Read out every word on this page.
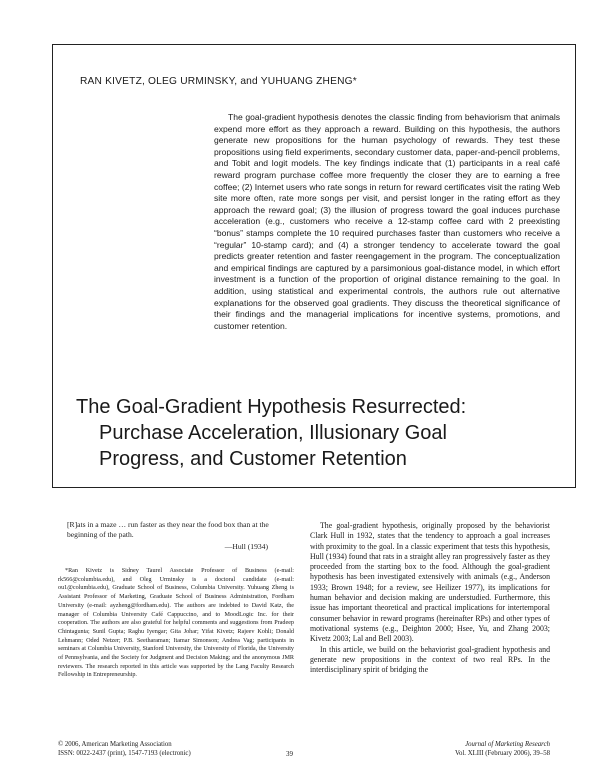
RAN KIVETZ, OLEG URMINSKY, and YUHUANG ZHENG*

The goal-gradient hypothesis denotes the classic finding from behaviorism that animals expend more effort as they approach a reward. Building on this hypothesis, the authors generate new propositions for the human psychology of rewards. They test these propositions using field experiments, secondary customer data, paper-and-pencil problems, and Tobit and logit models. The key findings indicate that (1) participants in a real café reward program purchase coffee more frequently the closer they are to earning a free coffee; (2) Internet users who rate songs in return for reward certificates visit the rating Web site more often, rate more songs per visit, and persist longer in the rating effort as they approach the reward goal; (3) the illusion of progress toward the goal induces purchase acceleration (e.g., customers who receive a 12-stamp coffee card with 2 preexisting “bonus” stamps complete the 10 required purchases faster than customers who receive a “regular” 10-stamp card); and (4) a stronger tendency to accelerate toward the goal predicts greater retention and faster reengagement in the program. The conceptualization and empirical findings are captured by a parsimonious goal-distance model, in which effort investment is a function of the proportion of original distance remaining to the goal. In addition, using statistical and experimental controls, the authors rule out alternative explanations for the observed goal gradients. They discuss the theoretical significance of their findings and the managerial implications for incentive systems, promotions, and customer retention.

The Goal-Gradient Hypothesis Resurrected:
Purchase Acceleration, Illusionary Goal
Progress, and Customer Retention

[R]ats in a maze … run faster as they near the food box than at the beginning of the path.

—Hull (1934)

*Ran Kivetz is Sidney Taurel Associate Professor of Business (e-mail: rk566@columbia.edu), and Oleg Urminsky is a doctoral candidate (e-mail: ou1@columbia.edu), Graduate School of Business, Columbia University. Yuhuang Zheng is Assistant Professor of Marketing, Graduate School of Business Administration, Fordham University (e-mail: ayzheng@fordham.edu). The authors are indebted to David Katz, the manager of Columbia University Café Cappuccino, and to MoodLogic Inc. for their cooperation. The authors are also grateful for helpful comments and suggestions from Pradeep Chintagunta; Sunil Gupta; Raghu Iyengar; Gita Johar; Yifat Kivetz; Rajeev Kohli; Donald Lehmann; Oded Netzer; P.B. Seetharaman; Itamar Simonson; Andrea Vag; participants in seminars at Columbia University, Stanford University, the University of Florida, the University of Pennsylvania, and the Society for Judgment and Decision Making; and the anonymous JMR reviewers. The research reported in this article was supported by the Lang Faculty Research Fellowship in Entrepreneurship.

The goal-gradient hypothesis, originally proposed by the behaviorist Clark Hull in 1932, states that the tendency to approach a goal increases with proximity to the goal. In a classic experiment that tests this hypothesis, Hull (1934) found that rats in a straight alley ran progressively faster as they proceeded from the starting box to the food. Although the goal-gradient hypothesis has been investigated extensively with animals (e.g., Anderson 1933; Brown 1948; for a review, see Heilizer 1977), its implications for human behavior and decision making are understudied. Furthermore, this issue has important theoretical and practical implications for intertemporal consumer behavior in reward programs (hereinafter RPs) and other types of motivational systems (e.g., Deighton 2000; Hsee, Yu, and Zhang 2003; Kivetz 2003; Lal and Bell 2003).

In this article, we build on the behaviorist goal-gradient hypothesis and generate new propositions in the context of two real RPs. In the interdisciplinary spirit of bridging the

© 2006, American Marketing Association
ISSN: 0022-2437 (print), 1547-7193 (electronic)	39
Journal of Marketing Research
Vol. XLIII (February 2006), 39–58
